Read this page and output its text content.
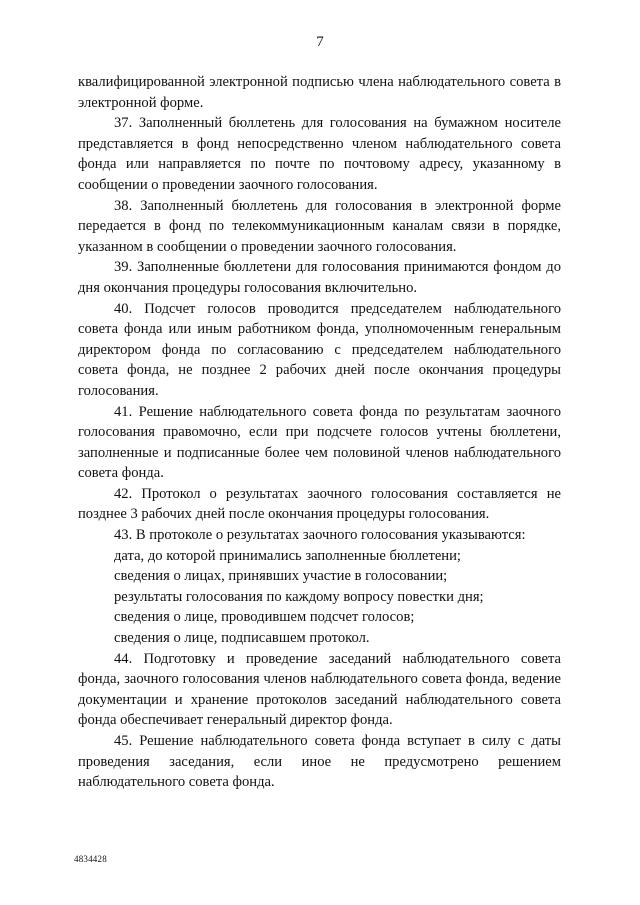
7

квалифицированной электронной подписью члена наблюдательного совета в электронной форме.

37. Заполненный бюллетень для голосования на бумажном носителе представляется в фонд непосредственно членом наблюдательного совета фонда или направляется по почте по почтовому адресу, указанному в сообщении о проведении заочного голосования.

38. Заполненный бюллетень для голосования в электронной форме передается в фонд по телекоммуникационным каналам связи в порядке, указанном в сообщении о проведении заочного голосования.

39. Заполненные бюллетени для голосования принимаются фондом до дня окончания процедуры голосования включительно.

40. Подсчет голосов проводится председателем наблюдательного совета фонда или иным работником фонда, уполномоченным генеральным директором фонда по согласованию с председателем наблюдательного совета фонда, не позднее 2 рабочих дней после окончания процедуры голосования.

41. Решение наблюдательного совета фонда по результатам заочного голосования правомочно, если при подсчете голосов учтены бюллетени, заполненные и подписанные более чем половиной членов наблюдательного совета фонда.

42. Протокол о результатах заочного голосования составляется не позднее 3 рабочих дней после окончания процедуры голосования.

43. В протоколе о результатах заочного голосования указываются:

дата, до которой принимались заполненные бюллетени;

сведения о лицах, принявших участие в голосовании;

результаты голосования по каждому вопросу повестки дня;

сведения о лице, проводившем подсчет голосов;

сведения о лице, подписавшем протокол.

44. Подготовку и проведение заседаний наблюдательного совета фонда, заочного голосования членов наблюдательного совета фонда, ведение документации и хранение протоколов заседаний наблюдательного совета фонда обеспечивает генеральный директор фонда.

45. Решение наблюдательного совета фонда вступает в силу с даты проведения заседания, если иное не предусмотрено решением наблюдательного совета фонда.

4834428
